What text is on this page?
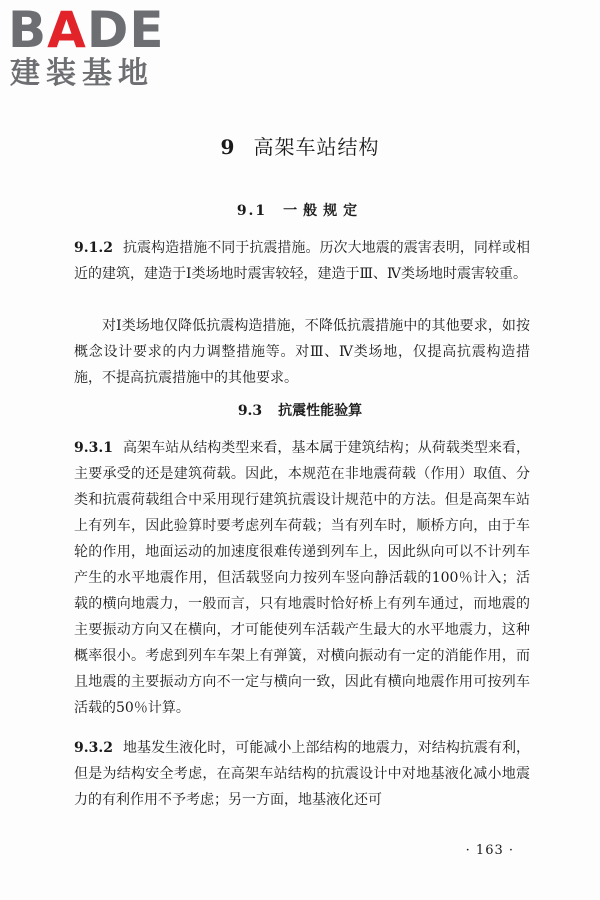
BADE
建装基地
9 高架车站结构
9.1 一般规定

9.1.2 抗震构造措施不同于抗震措施。历次大地震的震害表明，同样或相近的建筑，建造于Ⅰ类场地时震害较轻，建造于Ⅲ、Ⅳ类场地时震害较重。

对Ⅰ类场地仅降低抗震构造措施，不降低抗震措施中的其他要求，如按概念设计要求的内力调整措施等。对Ⅲ、Ⅳ类场地，仅提高抗震构造措施，不提高抗震措施中的其他要求。

9.3 抗震性能验算

9.3.1 高架车站从结构类型来看，基本属于建筑结构；从荷载类型来看，主要承受的还是建筑荷载。因此，本规范在非地震荷载（作用）取值、分类和抗震荷载组合中采用现行建筑抗震设计规范中的方法。但是高架车站上有列车，因此验算时要考虑列车荷载；当有列车时，顺桥方向，由于车轮的作用，地面运动的加速度很难传递到列车上，因此纵向可以不计列车产生的水平地震作用，但活载竖向力按列车竖向静活载的100％计入；活载的横向地震力，一般而言，只有地震时恰好桥上有列车通过，而地震的主要振动方向又在横向，才可能使列车活载产生最大的水平地震力，这种概率很小。考虑到列车车架上有弹簧，对横向振动有一定的消能作用，而且地震的主要振动方向不一定与横向一致，因此有横向地震作用可按列车活载的50％计算。

9.3.2 地基发生液化时，可能减小上部结构的地震力，对结构抗震有利，但是为结构安全考虑，在高架车站结构的抗震设计中对地基液化减小地震力的有利作用不予考虑；另一方面，地基液化还可

· 163 ·
